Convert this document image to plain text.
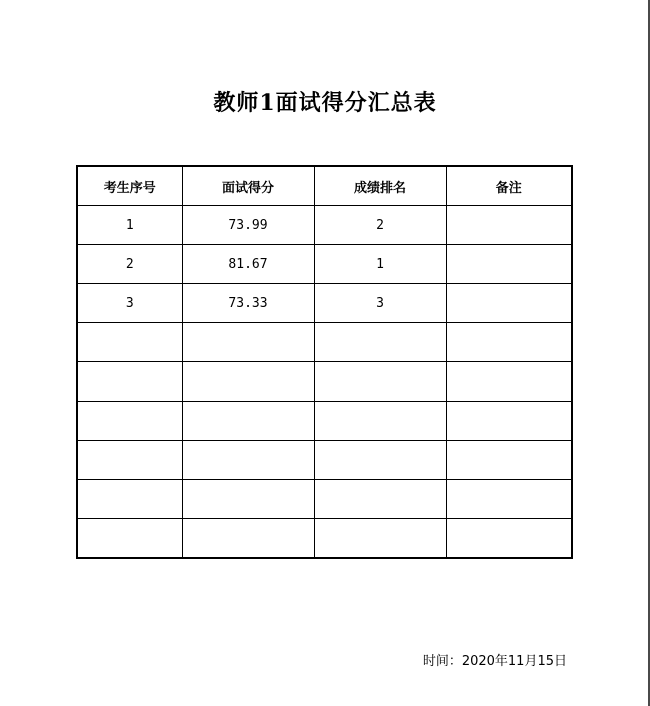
教师1面试得分汇总表
考生序号	面试得分	成绩排名	备注
1	73.99	2	
2	81.67	1	
3	73.33	3	

时间：2020年11月15日
